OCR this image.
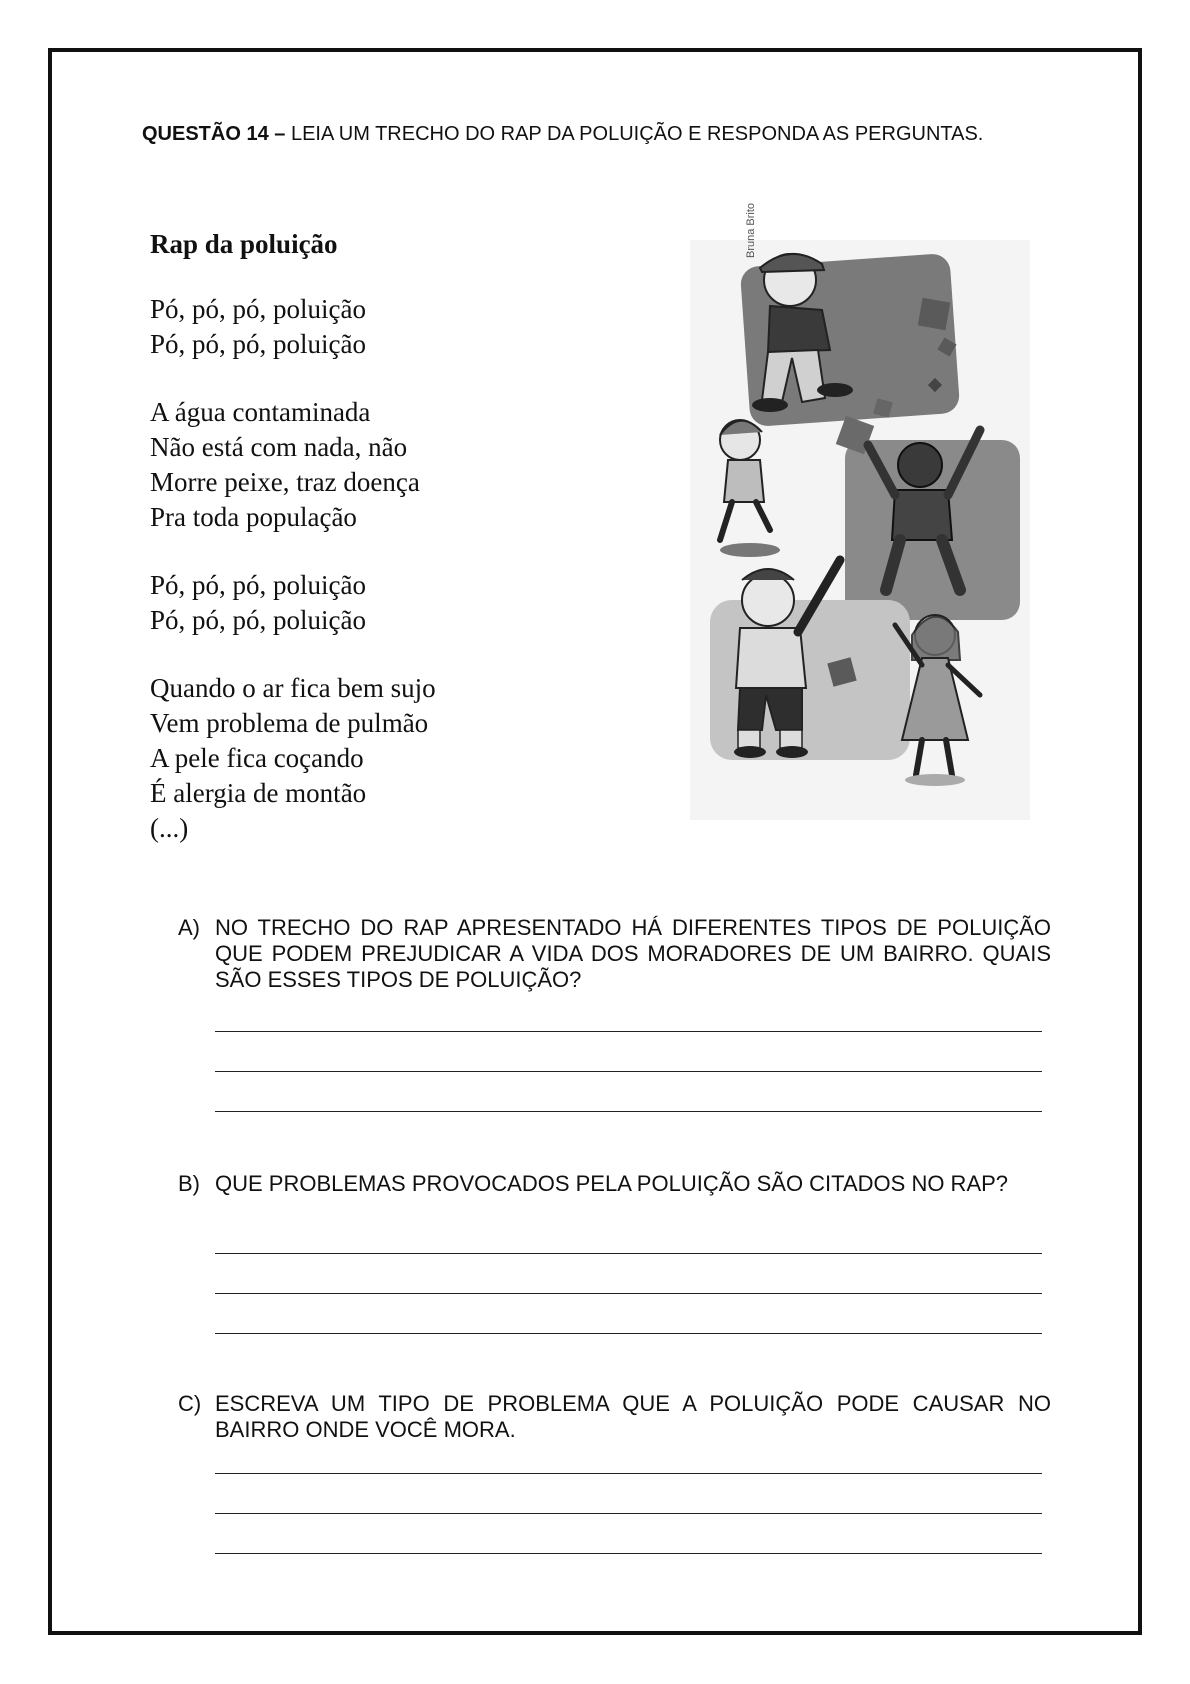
QUESTÃO 14 – LEIA UM TRECHO DO RAP DA POLUIÇÃO E RESPONDA AS PERGUNTAS.
Rap da poluição
Pó, pó, pó, poluição
Pó, pó, pó, poluição
A água contaminada
Não está com nada, não
Morre peixe, traz doença
Pra toda população
Pó, pó, pó, poluição
Pó, pó, pó, poluição
Quando o ar fica bem sujo
Vem problema de pulmão
A pele fica coçando
É alergia de montão
(...)
Bruna Brito
A) NO TRECHO DO RAP APRESENTADO HÁ DIFERENTES TIPOS DE POLUIÇÃO QUE PODEM PREJUDICAR A VIDA DOS MORADORES DE UM BAIRRO. QUAIS SÃO ESSES TIPOS DE POLUIÇÃO?
B) QUE PROBLEMAS PROVOCADOS PELA POLUIÇÃO SÃO CITADOS NO RAP?
C) ESCREVA UM TIPO DE PROBLEMA QUE A POLUIÇÃO PODE CAUSAR NO BAIRRO ONDE VOCÊ MORA.
